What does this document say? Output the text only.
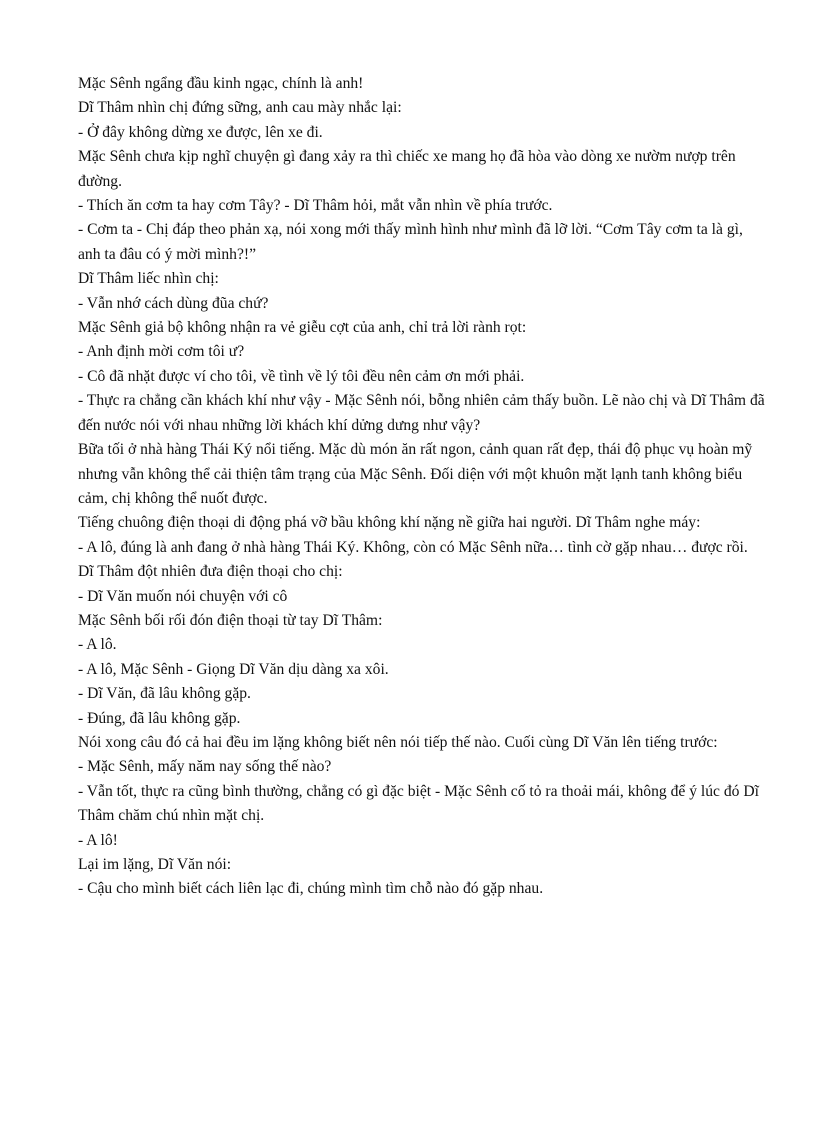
Mặc Sênh ngẩng đầu kinh ngạc, chính là anh!

Dĩ Thâm nhìn chị đứng sững, anh cau mày nhắc lại:

- Ở đây không dừng xe được, lên xe đi.

Mặc Sênh chưa kịp nghĩ chuyện gì đang xảy ra thì chiếc xe mang họ đã hòa vào dòng xe nườm nượp trên đường.

- Thích ăn cơm ta hay cơm Tây? - Dĩ Thâm hỏi, mắt vẫn nhìn về phía trước.

- Cơm ta - Chị đáp theo phản xạ, nói xong mới thấy mình hình như mình đã lỡ lời. “Cơm Tây cơm ta là gì, anh ta đâu có ý mời mình?!”

Dĩ Thâm liếc nhìn chị:

- Vẫn nhớ cách dùng đũa chứ?

Mặc Sênh giả bộ không nhận ra vẻ giễu cợt của anh, chỉ trả lời rành rọt:

- Anh định mời cơm tôi ư?

- Cô đã nhặt được ví cho tôi, về tình về lý tôi đều nên cảm ơn mới phải.

- Thực ra chẳng cần khách khí như vậy - Mặc Sênh nói, bỗng nhiên cảm thấy buồn. Lẽ nào chị và Dĩ Thâm đã đến nước nói với nhau những lời khách khí dửng dưng như vậy?

Bữa tối ở nhà hàng Thái Ký nổi tiếng. Mặc dù món ăn rất ngon, cảnh quan rất đẹp, thái độ phục vụ hoàn mỹ nhưng vẫn không thể cải thiện tâm trạng của Mặc Sênh. Đối diện với một khuôn mặt lạnh tanh không biểu cảm, chị không thể nuốt được.

Tiếng chuông điện thoại di động phá vỡ bầu không khí nặng nề giữa hai người. Dĩ Thâm nghe máy:

- A lô, đúng là anh đang ở nhà hàng Thái Ký. Không, còn có Mặc Sênh nữa… tình cờ gặp nhau… được rồi.

Dĩ Thâm đột nhiên đưa điện thoại cho chị:

- Dĩ Văn muốn nói chuyện với cô

Mặc Sênh bối rối đón điện thoại từ tay Dĩ Thâm:

- A lô.

- A lô, Mặc Sênh - Giọng Dĩ Văn dịu dàng xa xôi.

- Dĩ Văn, đã lâu không gặp.

- Đúng, đã lâu không gặp.

Nói xong câu đó cả hai đều im lặng không biết nên nói tiếp thế nào. Cuối cùng Dĩ Văn lên tiếng trước:

- Mặc Sênh, mấy năm nay sống thế nào?

- Vẫn tốt, thực ra cũng bình thường, chẳng có gì đặc biệt - Mặc Sênh cố tỏ ra thoải mái, không để ý lúc đó Dĩ Thâm chăm chú nhìn mặt chị.

- A lô!

Lại im lặng, Dĩ Văn nói:

- Cậu cho mình biết cách liên lạc đi, chúng mình tìm chỗ nào đó gặp nhau.
